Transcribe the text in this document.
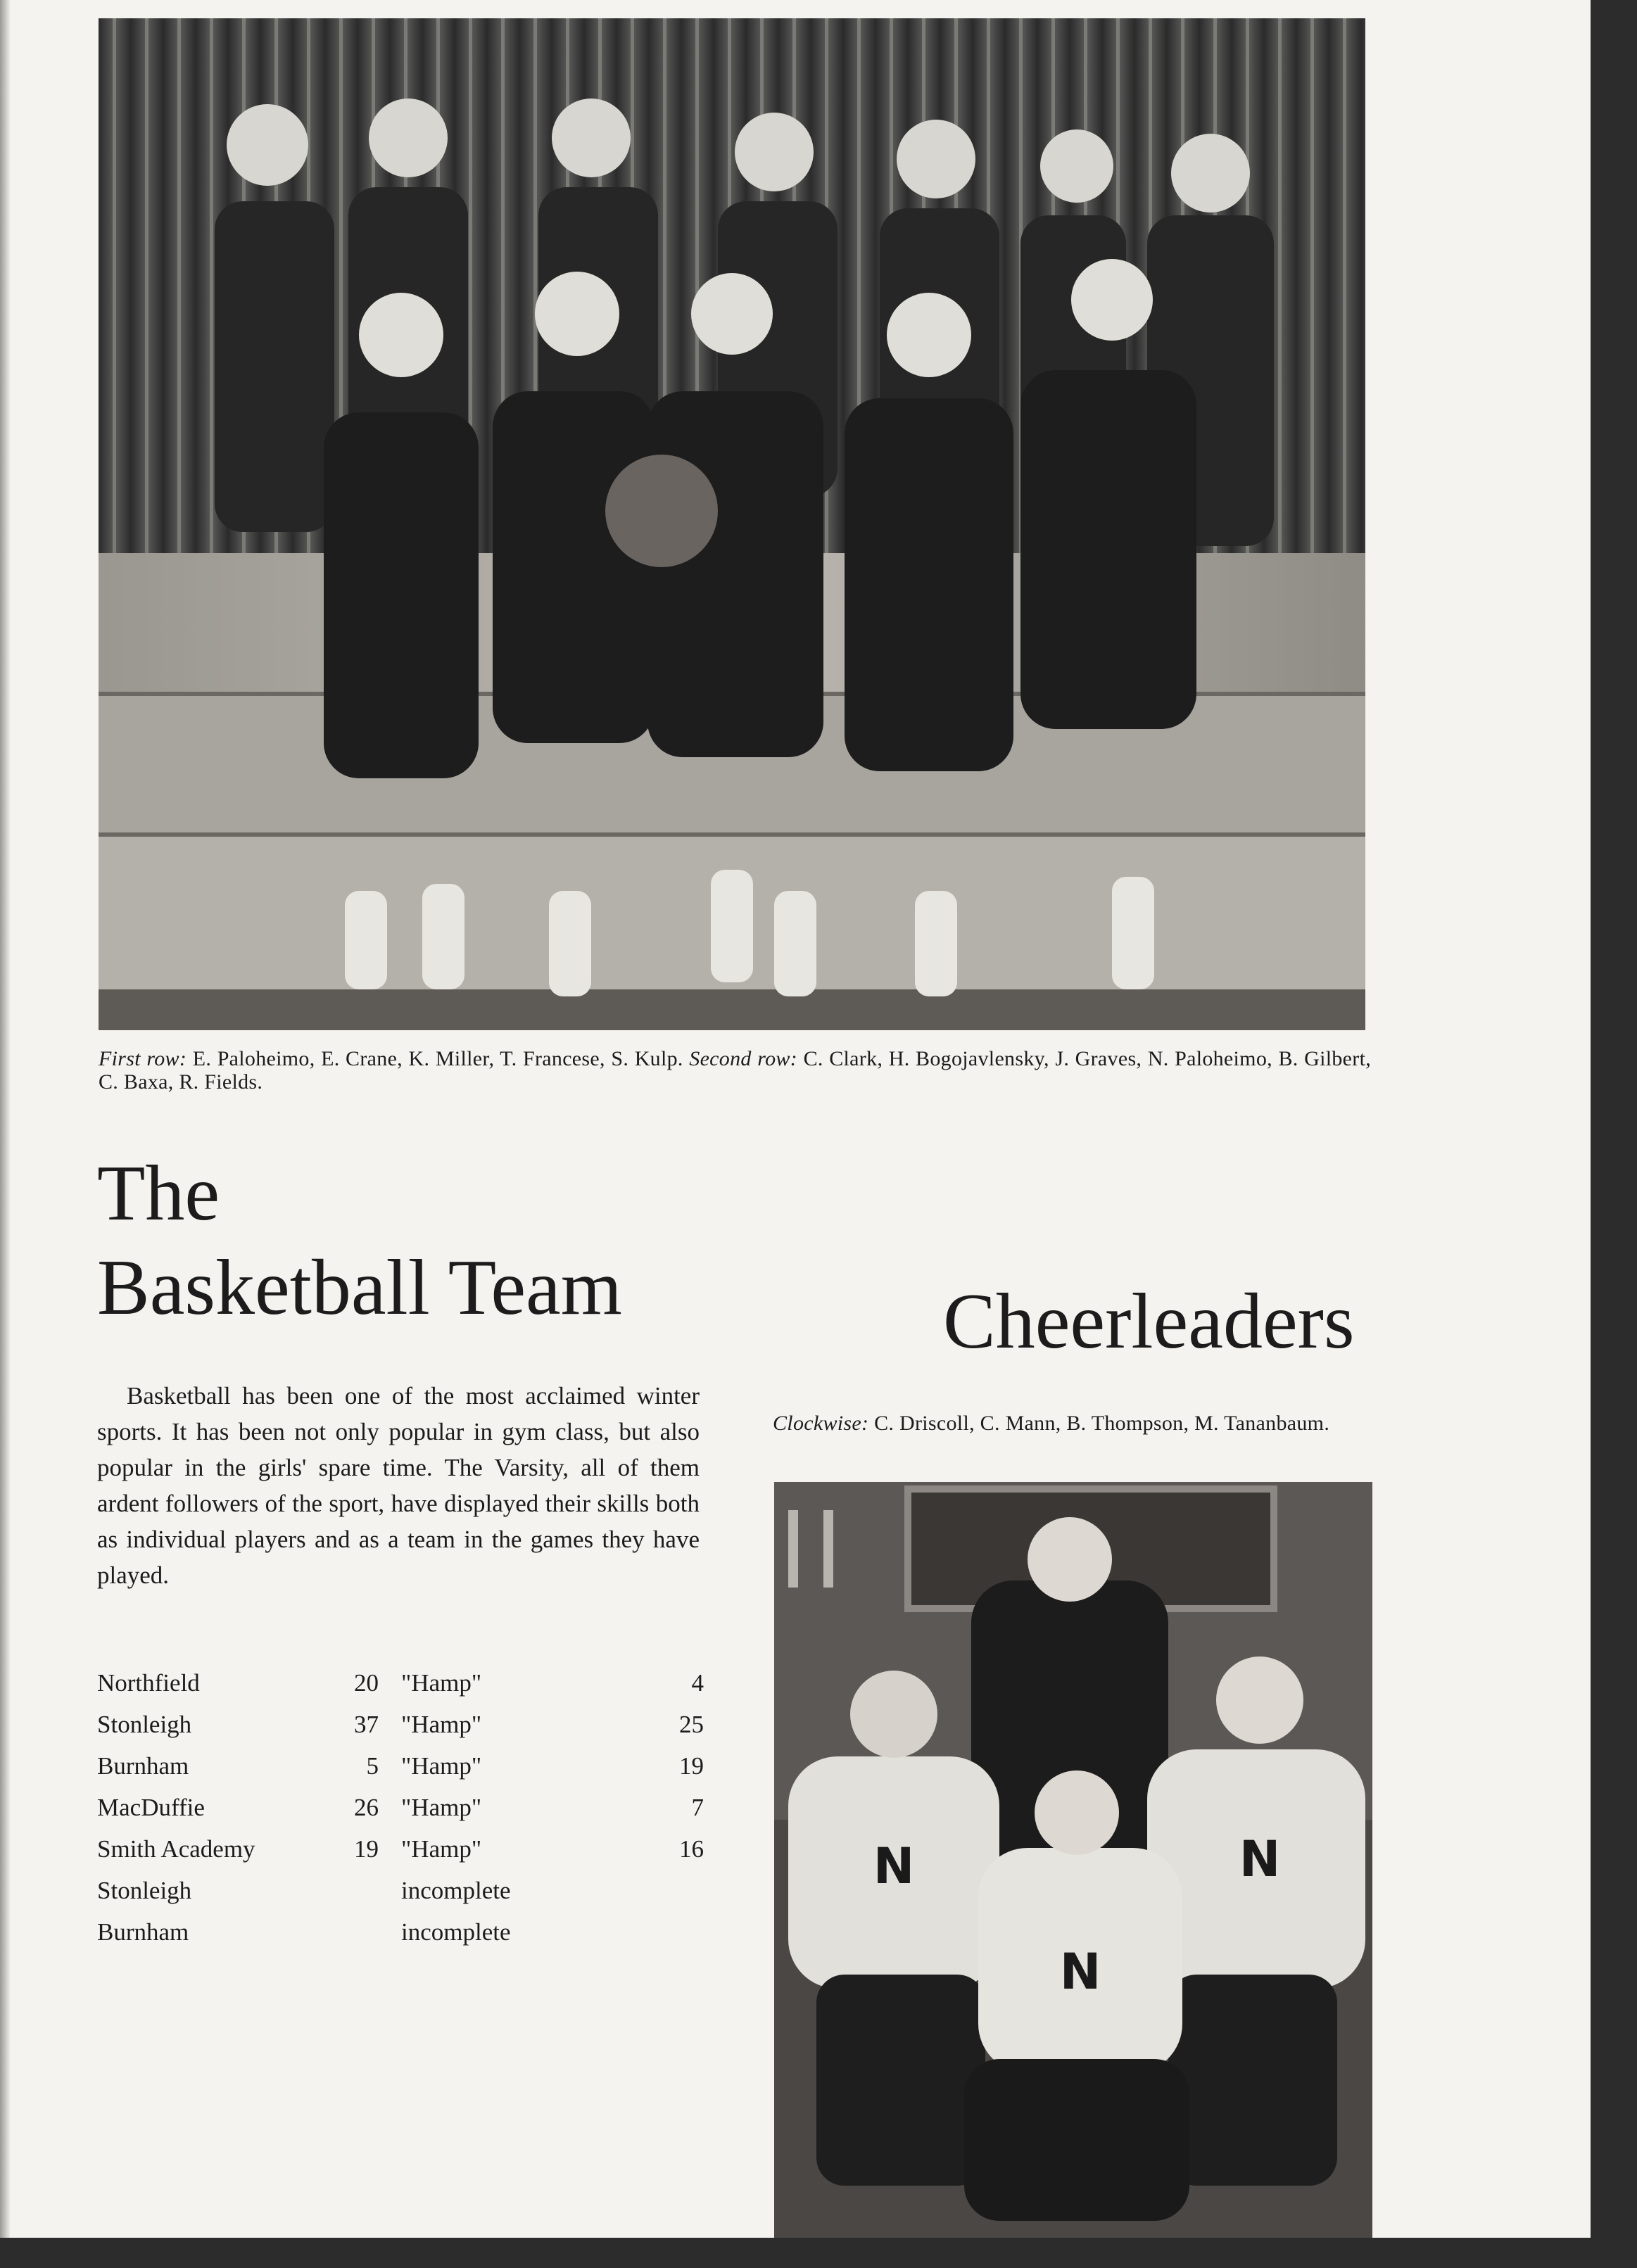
First row: E. Paloheimo, E. Crane, K. Miller, T. Francese, S. Kulp. Second row: C. Clark, H. Bogojavlensky, J. Graves, N. Paloheimo, B. Gilbert, C. Baxa, R. Fields.
The
Basketball Team	Cheerleaders

Basketball has been one of the most acclaimed winter sports. It has been not only popular in gym class, but also popular in the girls' spare time. The Varsity, all of them ardent followers of the sport, have displayed their skills both as individual players and as a team in the games they have played.

Northfield	20		"Hamp"	4
Stonleigh	37		"Hamp"	25
Burnham	5		"Hamp"	19
MacDuffie	26		"Hamp"	7
Smith Academy	19		"Hamp"	16
Stonleigh			incomplete	
Burnham			incomplete	

Clockwise: C. Driscoll, C. Mann, B. Thompson, M. Tananbaum.

N	N
N
